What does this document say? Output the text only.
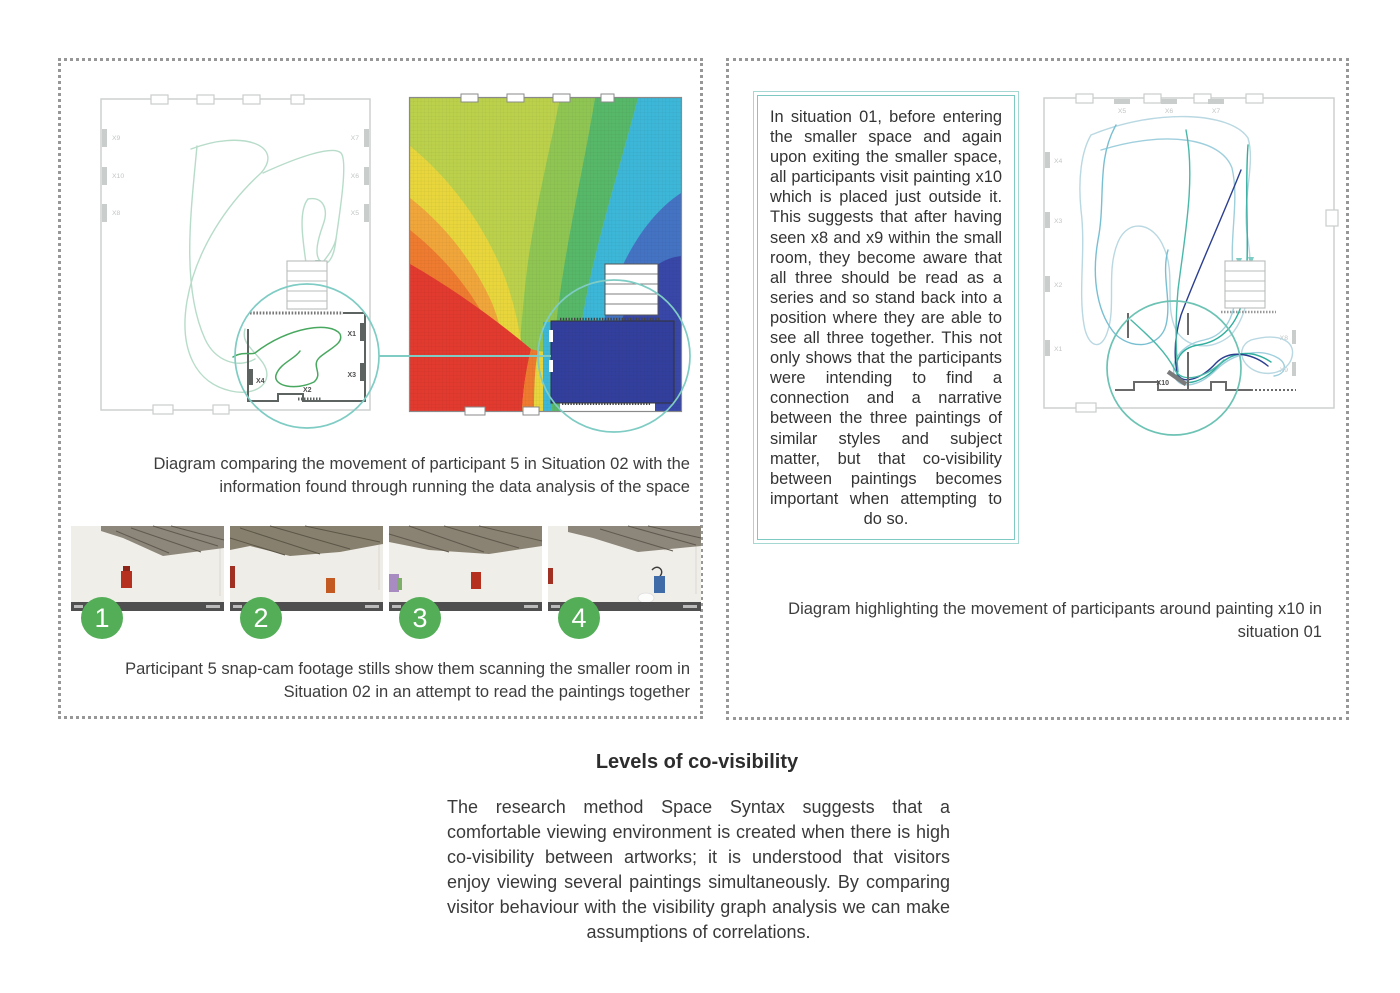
X9
X10
X8
X7
X6
X5
X1
X3
X4
X2
Diagram comparing the movement of participant 5 in Situation 02 with the information found through running the data analysis of the space
1	2	3	4
Participant 5 snap-cam footage stills show them scanning the smaller room in Situation 02 in an attempt to read the paintings together
In situation 01, before entering the smaller space and again upon exiting the smaller space, all participants visit painting x10 which is placed just outside it. This suggests that after having seen x8 and x9 within the small room, they become aware that all three should be read as a series and so stand back into a position where they are able to see all three together. This not only shows that the participants were intending to find a connection and a narrative between the three paintings of similar styles and subject matter, but that co-visibility between paintings becomes important when attempting to do so.
X5	X6	X7
X4
X3
X2
X1
X8
X9
X10
Diagram highlighting the movement of participants around painting x10 in situation 01
Levels of co-visibility
The research method Space Syntax suggests that a comfortable viewing environment is created when there is high co-visibility between artworks; it is understood that visitors enjoy viewing several paintings simultaneously. By comparing visitor behaviour with the visibility graph analysis we can make assumptions of correlations.
